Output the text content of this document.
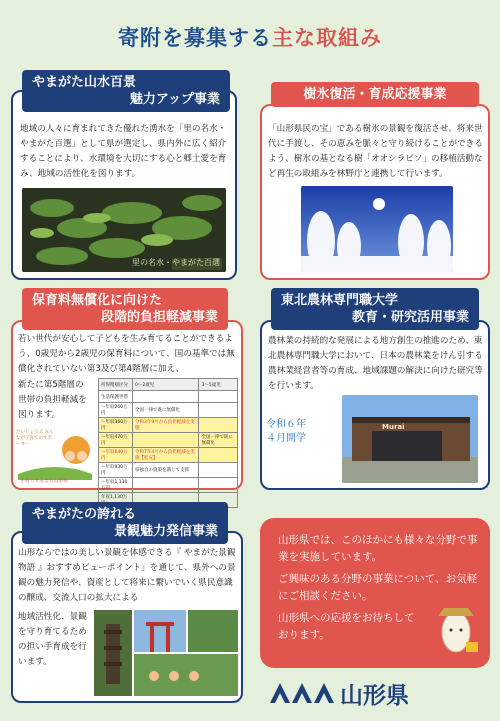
寄附を募集する主な取組み
やまがた山水百景
魅力アップ事業
地域の人々に育まれてきた優れた湧水を「里の名水・やまがた百選」として県が選定し、県内外に広く紹介することにより、水環境を大切にする心と郷土愛を育み、地域の活性化を図ります。
里の名水・やまがた百選
樹氷復活・育成応援事業
「山形県民の宝」である樹氷の景観を復活させ、将来世代に手渡し、その恵みを脈々と守り続けることができるよう、樹氷の基となる樹「オオシラビソ」の移植活動など再生の取組みを林野庁と連携して行います。
保育料無償化に向けた
段階的負担軽減事業
若い世代が安心して子どもを生み育てることができるよう、0歳児から2歳児の保育料について、国の基準では無償化されていない第3及び第4階層に加え、
新たに第5階層の世帯の負担軽減を図ります。
たいじょうぶ みんなが子育てのサポーター
子育てするなら山形県
所得階層区分	0～2歳児	3～5歳児
生活保護世帯		
～年収260万円	全国一律で既に無償化	
～年収360万円	令和3年9月から負担軽減を実施	
～年収470万円		全国一律で既に無償化
～年収640万円	令和7年4月から負担軽減を実施【拡充】	
～年収930万円	県独自の施策を講じて支援	
～年収1,130万円		
年収1,130万		
東北農林専門職大学
教育・研究活用事業
農林業の持続的な発展による地方創生の推進のため、東北農林専門職大学において、日本の農林業をけん引する農林業経営者等の育成、地域課題の解決に向けた研究等を行います。
令和６年
４月開学
Murai
やまがたの誇れる
景観魅力発信事業
山形ならではの美しい景観を体感できる『 やまがた景観物語 』おすすめビューポイント」を通じて、県外への景観の魅力発信や、資産として将来に繋いでいく県民意識の醸成、交流人口の拡大による
地域活性化、景観を守り育てるための担い手育成を行います。

山形県では、このほかにも様々な分野で事業を実施しています。

ご興味のある分野の事業について、お気軽にご相談ください。

山形県への応援をお待ちしております。

山形県
